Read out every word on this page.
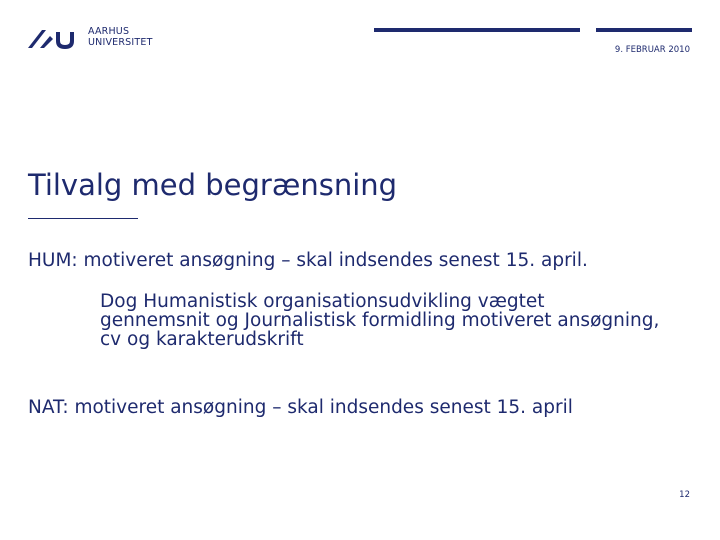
AARHUS
UNIVERSITET
9. FEBRUAR 2010
Tilvalg med begrænsning
HUM: motiveret ansøgning – skal indsendes senest 15. april.
Dog Humanistisk organisationsudvikling vægtet gennemsnit og Journalistisk formidling motiveret ansøgning, cv og karakterudskrift
NAT: motiveret ansøgning – skal indsendes senest 15. april
12
